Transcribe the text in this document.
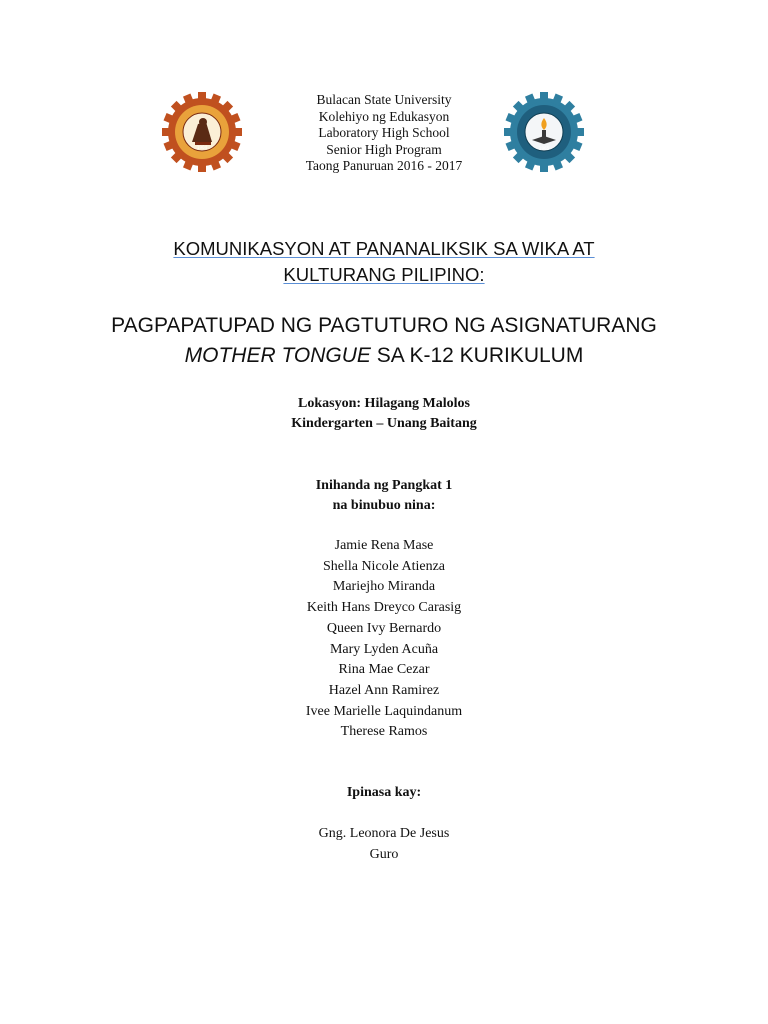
1904
Bulacan State University
Kolehiyo ng Edukasyon
Laboratory High School
Senior High Program
Taong Panuruan 2016 - 2017
1965
KOMUNIKASYON AT PANANALIKSIK SA WIKA AT
KULTURANG PILIPINO:
PAGPAPATUPAD NG PAGTUTURO NG ASIGNATURANG
MOTHER TONGUE SA K-12 KURIKULUM
Lokasyon: Hilagang Malolos
Kindergarten – Unang Baitang
Inihanda ng Pangkat 1
na binubuo nina:
Jamie Rena Mase
Shella Nicole Atienza
Mariejho Miranda
Keith Hans Dreyco Carasig
Queen Ivy Bernardo
Mary Lyden Acuña
Rina Mae Cezar
Hazel Ann Ramirez
Ivee Marielle Laquindanum
Therese Ramos
Ipinasa kay:
Gng. Leonora De Jesus
Guro
